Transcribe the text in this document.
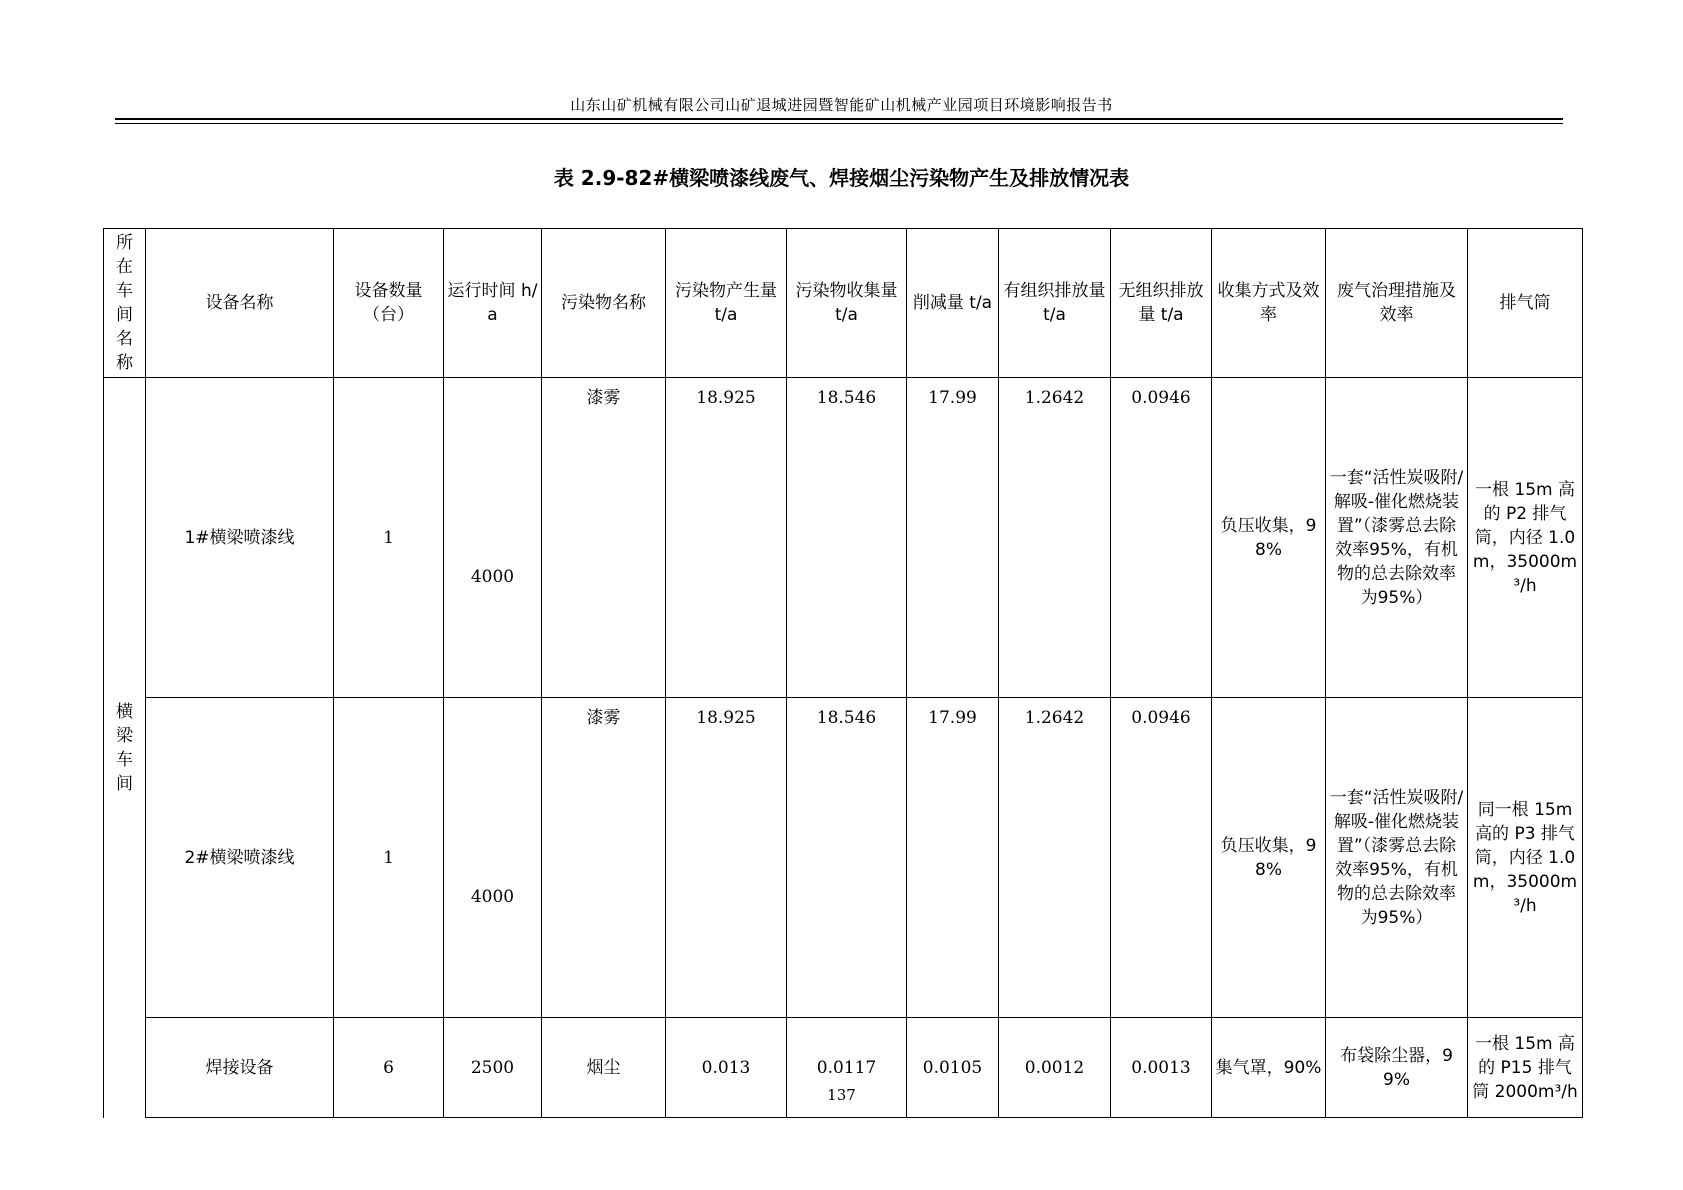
山东山矿机械有限公司山矿退城进园暨智能矿山机械产业园项目环境影响报告书
表 2.9-82#横梁喷漆线废气、焊接烟尘污染物产生及排放情况表
所在车间名称	设备名称	设备数量（台）	运行时间 h/a	污染物名称	污染物产生量 t/a	污染物收集量 t/a	削减量 t/a	有组织排放量 t/a	无组织排放量 t/a	收集方式及效率	废气治理措施及效率	排气筒

横梁车间	1#横梁喷漆线	1	4000	漆雾	18.925	18.546	17.99	1.2642	0.0946	负压收集，98%	一套“活性炭吸附/解吸-催化燃烧装置”（漆雾总去除效率95%，有机物的总去除效率为95%）	一根 15m 高的 P2 排气筒，内径 1.0m，35000m³/h
	2#横梁喷漆线	1	4000	漆雾	18.925	18.546	17.99	1.2642	0.0946	负压收集，98%	一套“活性炭吸附/解吸-催化燃烧装置”（漆雾总去除效率95%，有机物的总去除效率为95%）	同一根 15m 高的 P3 排气筒，内径 1.0m，35000m³/h
	焊接设备	6	2500	烟尘	0.013	0.0117	0.0105	0.0012	0.0013	集气罩，90%	布袋除尘器，99%	一根 15m 高的 P15 排气筒 2000m³/h
137
